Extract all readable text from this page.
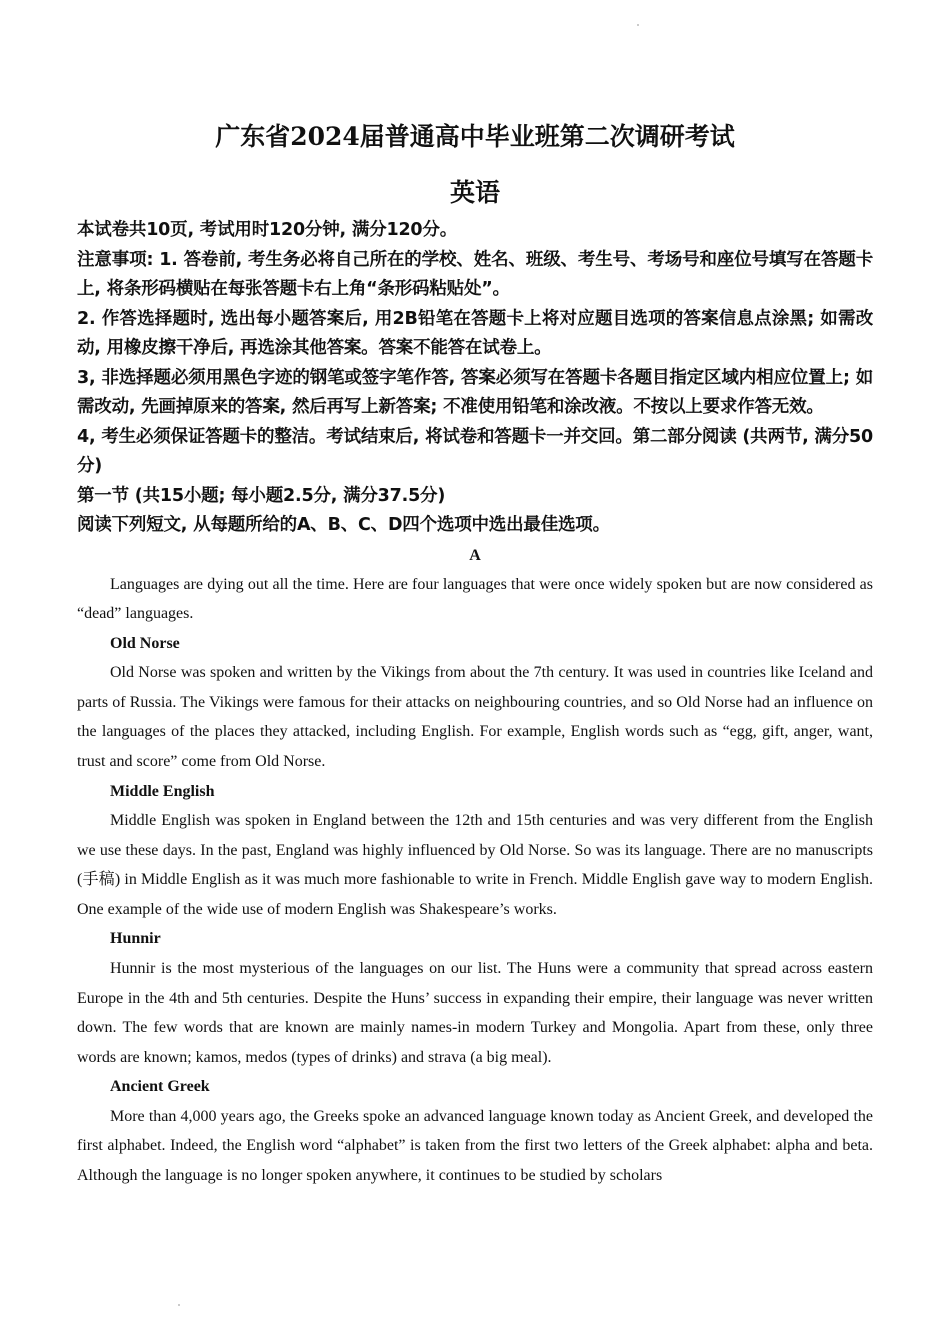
广东省2024届普通高中毕业班第二次调研考试
英语

本试卷共10页, 考试用时120分钟, 满分120分。

注意事项: 1. 答卷前, 考生务必将自己所在的学校、姓名、班级、考生号、考场号和座位号填写在答题卡上, 将条形码横贴在每张答题卡右上角“条形码粘贴处”。

2. 作答选择题时, 选出每小题答案后, 用2B铅笔在答题卡上将对应题目选项的答案信息点涂黑; 如需改动, 用橡皮擦干净后, 再选涂其他答案。答案不能答在试卷上。

3, 非选择题必须用黑色字迹的钢笔或签字笔作答, 答案必须写在答题卡各题目指定区域内相应位置上; 如需改动, 先画掉原来的答案, 然后再写上新答案; 不准使用铅笔和涂改液。不按以上要求作答无效。

4, 考生必须保证答题卡的整洁。考试结束后, 将试卷和答题卡一并交回。第二部分阅读 (共两节, 满分50分)

第一节 (共15小题; 每小题2.5分, 满分37.5分)

阅读下列短文, 从每题所给的A、B、C、D四个选项中选出最佳选项。

A

Languages are dying out all the time. Here are four languages that were once widely spoken but are now considered as “dead” languages.

Old Norse

Old Norse was spoken and written by the Vikings from about the 7th century. It was used in countries like Iceland and parts of Russia. The Vikings were famous for their attacks on neighbouring countries, and so Old Norse had an influence on the languages of the places they attacked, including English. For example, English words such as “egg, gift, anger, want, trust and score” come from Old Norse.

Middle English

Middle English was spoken in England between the 12th and 15th centuries and was very different from the English we use these days. In the past, England was highly influenced by Old Norse. So was its language. There are no manuscripts (手稿) in Middle English as it was much more fashionable to write in French. Middle English gave way to modern English. One example of the wide use of modern English was Shakespeare’s works.

Hunnir

Hunnir is the most mysterious of the languages on our list. The Huns were a community that spread across eastern Europe in the 4th and 5th centuries. Despite the Huns’ success in expanding their empire, their language was never written down. The few words that are known are mainly names-in modern Turkey and Mongolia. Apart from these, only three words are known; kamos, medos (types of drinks) and strava (a big meal).

Ancient Greek

More than 4,000 years ago, the Greeks spoke an advanced language known today as Ancient Greek, and developed the first alphabet. Indeed, the English word “alphabet” is taken from the first two letters of the Greek alphabet: alpha and beta. Although the language is no longer spoken anywhere, it continues to be studied by scholars
